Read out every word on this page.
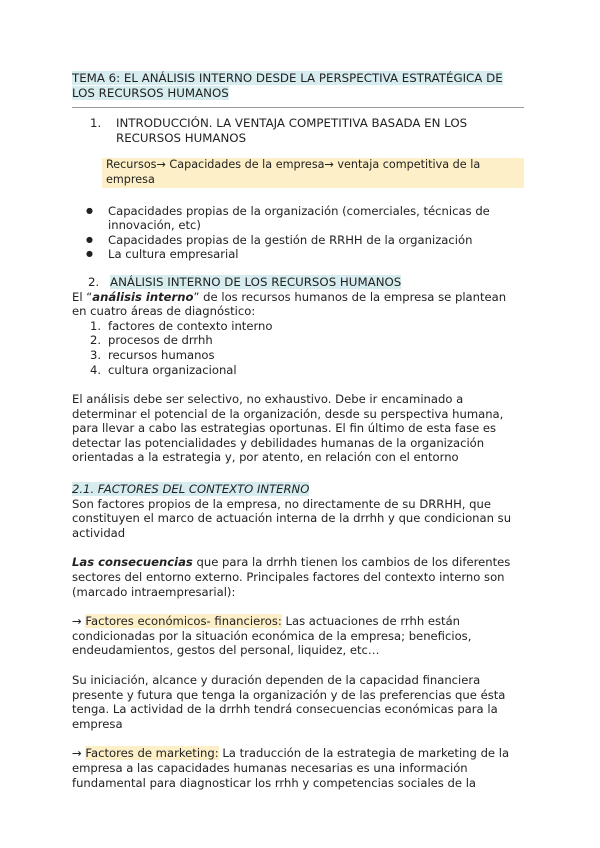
TEMA 6: EL ANÁLISIS INTERNO DESDE LA PERSPECTIVA ESTRATÉGICA DE LOS RECURSOS HUMANOS
1. INTRODUCCIÓN. LA VENTAJA COMPETITIVA BASADA EN LOS RECURSOS HUMANOS
Recursos→ Capacidades de la empresa→ ventaja competitiva de la empresa
● Capacidades propias de la organización (comerciales, técnicas de innovación, etc)
● Capacidades propias de la gestión de RRHH de la organización
● La cultura empresarial
2. ANÁLISIS INTERNO DE LOS RECURSOS HUMANOS

El “análisis interno” de los recursos humanos de la empresa se plantean en cuatro áreas de diagnóstico:

1. factores de contexto interno
2. procesos de drrhh
3. recursos humanos
4. cultura organizacional

El análisis debe ser selectivo, no exhaustivo. Debe ir encaminado a determinar el potencial de la organización, desde su perspectiva humana, para llevar a cabo las estrategias oportunas. El fin último de esta fase es detectar las potencialidades y debilidades humanas de la organización orientadas a la estrategia y, por atento, en relación con el entorno

2.1. FACTORES DEL CONTEXTO INTERNO

Son factores propios de la empresa, no directamente de su DRRHH, que constituyen el marco de actuación interna de la drrhh y que condicionan su actividad

Las consecuencias que para la drrhh tienen los cambios de los diferentes sectores del entorno externo. Principales factores del contexto interno son (marcado intraempresarial):

→ Factores económicos- financieros: Las actuaciones de rrhh están condicionadas por la situación económica de la empresa; beneficios, endeudamientos, gestos del personal, liquidez, etc…

Su iniciación, alcance y duración dependen de la capacidad financiera presente y futura que tenga la organización y de las preferencias que ésta tenga. La actividad de la drrhh tendrá consecuencias económicas para la empresa

→ Factores de marketing: La traducción de la estrategia de marketing de la empresa a las capacidades humanas necesarias es una información fundamental para diagnosticar los rrhh y competencias sociales de la
